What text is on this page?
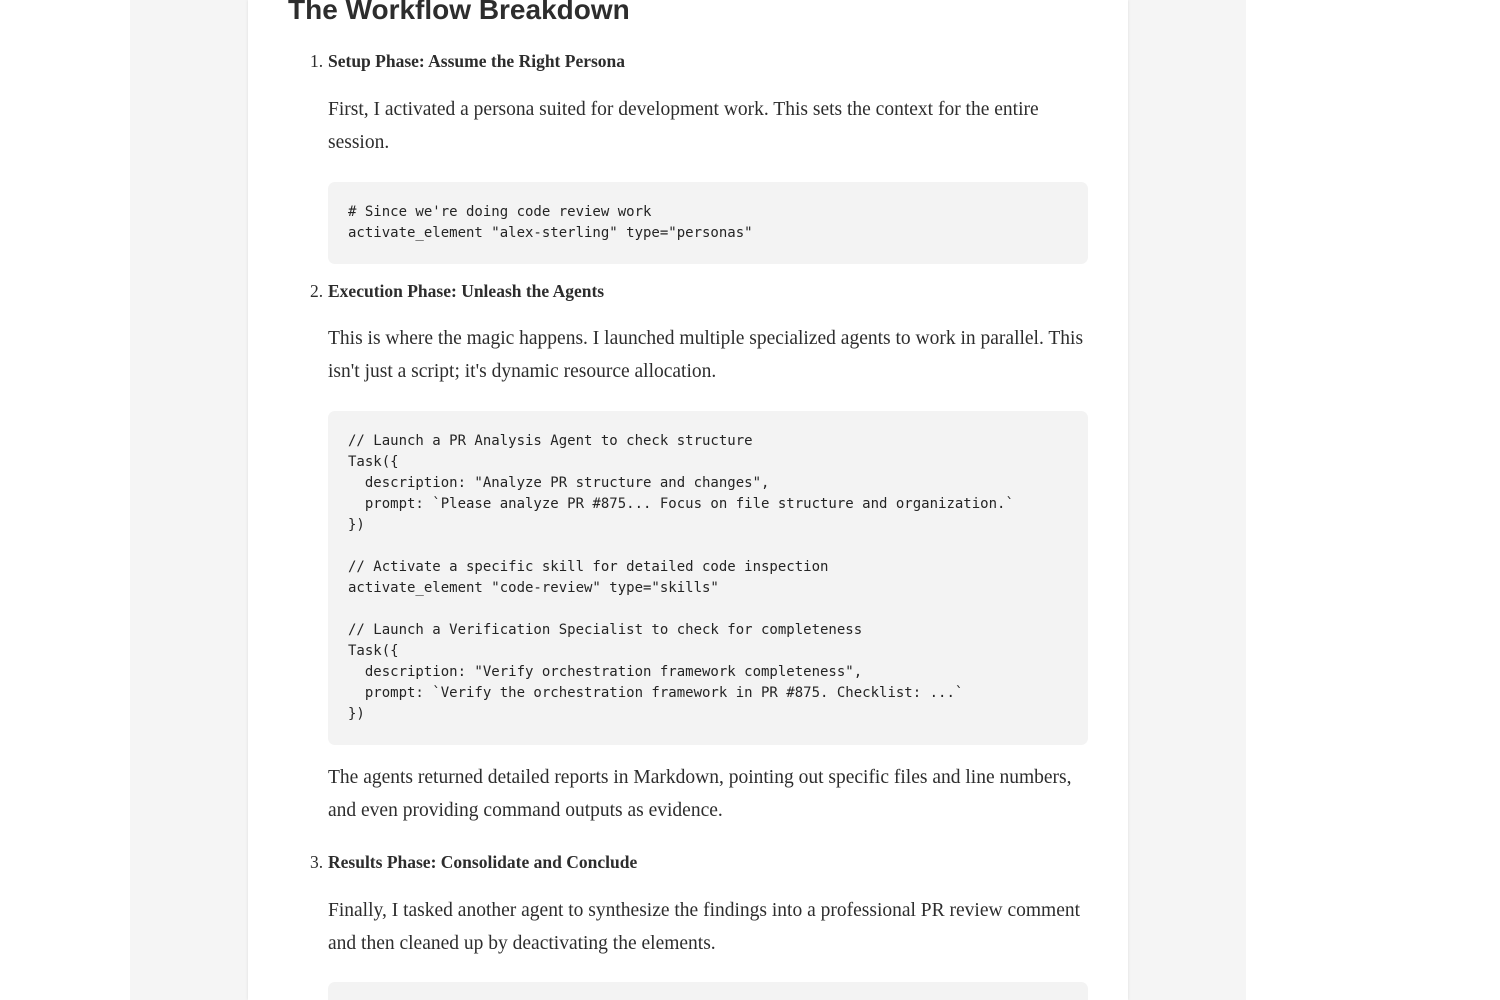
The Workflow Breakdown
1. Setup Phase: Assume the Right Persona

First, I activated a persona suited for development work. This sets the context for the entire session.

# Since we're doing code review work
activate_element "alex-sterling" type="personas"
2. Execution Phase: Unleash the Agents

This is where the magic happens. I launched multiple specialized agents to work in parallel. This isn't just a script; it's dynamic resource allocation.

// Launch a PR Analysis Agent to check structure
Task({
description: "Analyze PR structure and changes",
prompt: `Please analyze PR #875... Focus on file structure and organization.`
})

// Activate a specific skill for detailed code inspection
activate_element "code-review" type="skills"

// Launch a Verification Specialist to check for completeness
Task({
description: "Verify orchestration framework completeness",
prompt: `Verify the orchestration framework in PR #875. Checklist: ...`
})

The agents returned detailed reports in Markdown, pointing out specific files and line numbers, and even providing command outputs as evidence.

3. Results Phase: Consolidate and Conclude

Finally, I tasked another agent to synthesize the findings into a professional PR review comment and then cleaned up by deactivating the elements.
